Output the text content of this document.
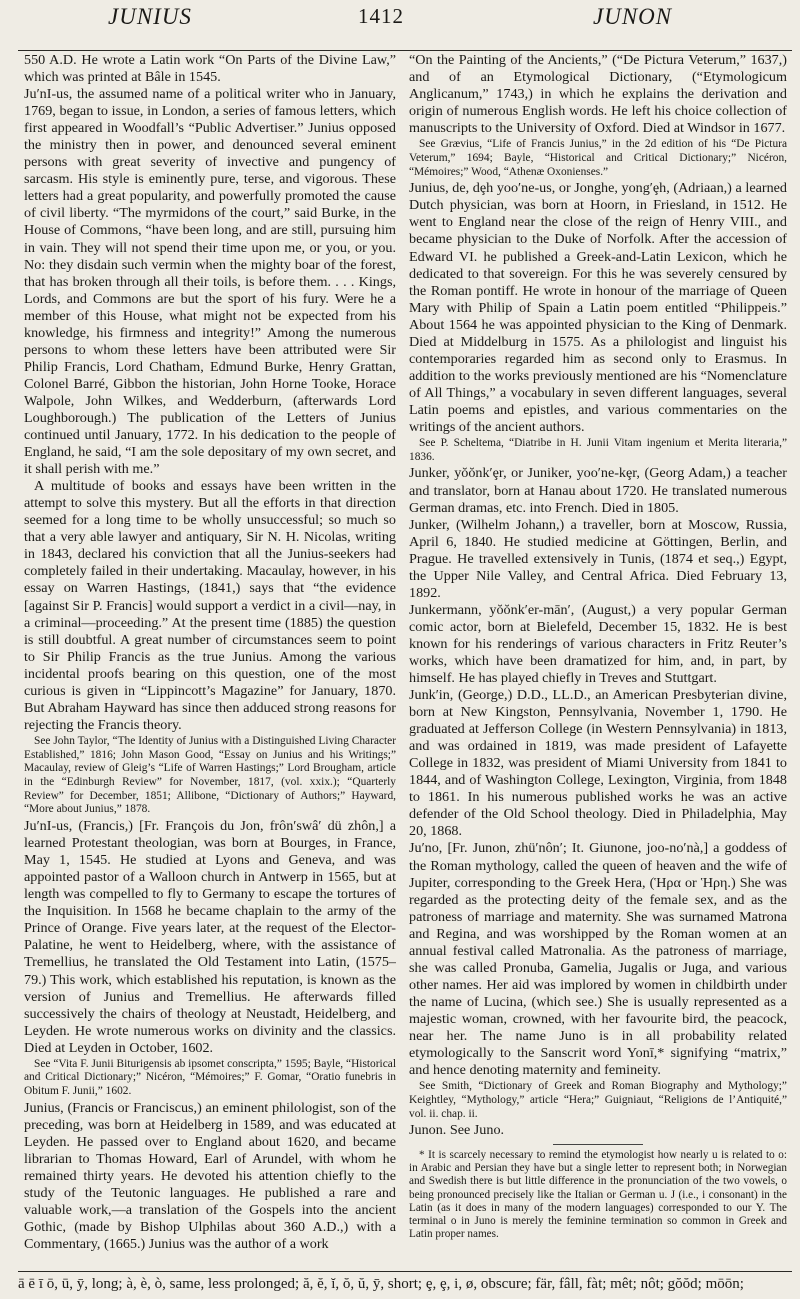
JUNIUS	1412	JUNON

550 A.D. He wrote a Latin work “On Parts of the Divine Law,” which was printed at Bâle in 1545.

Ju′nI-us, the assumed name of a political writer who in January, 1769, began to issue, in London, a series of famous letters, which first appeared in Woodfall’s “Public Advertiser.” Junius opposed the ministry then in power, and denounced several eminent persons with great severity of invective and pungency of sarcasm. His style is eminently pure, terse, and vigorous. These letters had a great popularity, and powerfully promoted the cause of civil liberty. “The myrmidons of the court,” said Burke, in the House of Commons, “have been long, and are still, pursuing him in vain. They will not spend their time upon me, or you, or you. No: they disdain such vermin when the mighty boar of the forest, that has broken through all their toils, is before them. . . . Kings, Lords, and Commons are but the sport of his fury. Were he a member of this House, what might not be expected from his knowledge, his firmness and integrity!” Among the numerous persons to whom these letters have been attributed were Sir Philip Francis, Lord Chatham, Edmund Burke, Henry Grattan, Colonel Barré, Gibbon the historian, John Horne Tooke, Horace Walpole, John Wilkes, and Wedderburn, (afterwards Lord Loughborough.) The publication of the Letters of Junius continued until January, 1772. In his dedication to the people of England, he said, “I am the sole depositary of my own secret, and it shall perish with me.”

A multitude of books and essays have been written in the attempt to solve this mystery. But all the efforts in that direction seemed for a long time to be wholly unsuccessful; so much so that a very able lawyer and antiquary, Sir N. H. Nicolas, writing in 1843, declared his conviction that all the Junius-seekers had completely failed in their undertaking. Macaulay, however, in his essay on Warren Hastings, (1841,) says that “the evidence [against Sir P. Francis] would support a verdict in a civil—nay, in a criminal—proceeding.” At the present time (1885) the question is still doubtful. A great number of circumstances seem to point to Sir Philip Francis as the true Junius. Among the various incidental proofs bearing on this question, one of the most curious is given in “Lippincott’s Magazine” for January, 1870. But Abraham Hayward has since then adduced strong reasons for rejecting the Francis theory.

See John Taylor, “The Identity of Junius with a Distinguished Living Character Established,” 1816; John Mason Good, “Essay on Junius and his Writings;” Macaulay, review of Gleig’s “Life of Warren Hastings;” Lord Brougham, article in the “Edinburgh Review” for November, 1817, (vol. xxix.); “Quarterly Review” for December, 1851; Allibone, “Dictionary of Authors;” Hayward, “More about Junius,” 1878.

Ju′nI-us, (Francis,) [Fr. François du Jon, frôn′swâ′ dü zhôn,] a learned Protestant theologian, was born at Bourges, in France, May 1, 1545. He studied at Lyons and Geneva, and was appointed pastor of a Walloon church in Antwerp in 1565, but at length was compelled to fly to Germany to escape the tortures of the Inquisition. In 1568 he became chaplain to the army of the Prince of Orange. Five years later, at the request of the Elector-Palatine, he went to Heidelberg, where, with the assistance of Tremellius, he translated the Old Testament into Latin, (1575–79.) This work, which established his reputation, is known as the version of Junius and Tremellius. He afterwards filled successively the chairs of theology at Neustadt, Heidelberg, and Leyden. He wrote numerous works on divinity and the classics. Died at Leyden in October, 1602.

See “Vita F. Junii Biturigensis ab ipsomet conscripta,” 1595; Bayle, “Historical and Critical Dictionary;” Nicéron, “Mémoires;” F. Gomar, “Oratio funebris in Obitum F. Junii,” 1602.

Junius, (Francis or Franciscus,) an eminent philologist, son of the preceding, was born at Heidelberg in 1589, and was educated at Leyden. He passed over to England about 1620, and became librarian to Thomas Howard, Earl of Arundel, with whom he remained thirty years. He devoted his attention chiefly to the study of the Teutonic languages. He published a rare and valuable work,—a translation of the Gospels into the ancient Gothic, (made by Bishop Ulphilas about 360 A.D.,) with a Commentary, (1665.) Junius was the author of a work

“On the Painting of the Ancients,” (“De Pictura Veterum,” 1637,) and of an Etymological Dictionary, (“Etymologicum Anglicanum,” 1743,) in which he explains the derivation and origin of numerous English words. He left his choice collection of manuscripts to the University of Oxford. Died at Windsor in 1677.

See Grævius, “Life of Francis Junius,” in the 2d edition of his “De Pictura Veterum,” 1694; Bayle, “Historical and Critical Dictionary;” Nicéron, “Mémoires;” Wood, “Athenæ Oxonienses.”

Junius, de, dȩh yoo′ne-us, or Jonghe, yong′ȩh, (Adriaan,) a learned Dutch physician, was born at Hoorn, in Friesland, in 1512. He went to England near the close of the reign of Henry VIII., and became physician to the Duke of Norfolk. After the accession of Edward VI. he published a Greek-and-Latin Lexicon, which he dedicated to that sovereign. For this he was severely censured by the Roman pontiff. He wrote in honour of the marriage of Queen Mary with Philip of Spain a Latin poem entitled “Philippeis.” About 1564 he was appointed physician to the King of Denmark. Died at Middelburg in 1575. As a philologist and linguist his contemporaries regarded him as second only to Erasmus. In addition to the works previously mentioned are his “Nomenclature of All Things,” a vocabulary in seven different languages, several Latin poems and epistles, and various commentaries on the writings of the ancient authors.

See P. Scheltema, “Diatribe in H. Junii Vitam ingenium et Merita literaria,” 1836.

Junker, yŏŏnk′ȩr, or Juniker, yoo′ne-kȩr, (Georg Adam,) a teacher and translator, born at Hanau about 1720. He translated numerous German dramas, etc. into French. Died in 1805.

Junker, (Wilhelm Johann,) a traveller, born at Moscow, Russia, April 6, 1840. He studied medicine at Göttingen, Berlin, and Prague. He travelled extensively in Tunis, (1874 et seq.,) Egypt, the Upper Nile Valley, and Central Africa. Died February 13, 1892.

Junkermann, yŏŏnk′er-mān′, (August,) a very popular German comic actor, born at Bielefeld, December 15, 1832. He is best known for his renderings of various characters in Fritz Reuter’s works, which have been dramatized for him, and, in part, by himself. He has played chiefly in Treves and Stuttgart.

Junk′in, (George,) D.D., LL.D., an American Presbyterian divine, born at New Kingston, Pennsylvania, November 1, 1790. He graduated at Jefferson College (in Western Pennsylvania) in 1813, and was ordained in 1819, was made president of Lafayette College in 1832, was president of Miami University from 1841 to 1844, and of Washington College, Lexington, Virginia, from 1848 to 1861. In his numerous published works he was an active defender of the Old School theology. Died in Philadelphia, May 20, 1868.

Ju′no, [Fr. Junon, zhü′nôn′; It. Giunone, joo-no′nà,] a goddess of the Roman mythology, called the queen of heaven and the wife of Jupiter, corresponding to the Greek Hera, (Ἡρα or Ἡρη.) She was regarded as the protecting deity of the female sex, and as the patroness of marriage and maternity. She was surnamed Matrona and Regina, and was worshipped by the Roman women at an annual festival called Matronalia. As the patroness of marriage, she was called Pronuba, Gamelia, Jugalis or Juga, and various other names. Her aid was implored by women in childbirth under the name of Lucina, (which see.) She is usually represented as a majestic woman, crowned, with her favourite bird, the peacock, near her. The name Juno is in all probability related etymologically to the Sanscrit word Yonī,* signifying “matrix,” and hence denoting maternity and femineity.

See Smith, “Dictionary of Greek and Roman Biography and Mythology;” Keightley, “Mythology,” article “Hera;” Guigniaut, “Religions de l’Antiquité,” vol. ii. chap. ii.

Junon. See Juno.

* It is scarcely necessary to remind the etymologist how nearly u is related to o: in Arabic and Persian they have but a single letter to represent both; in Norwegian and Swedish there is but little difference in the pronunciation of the two vowels, o being pronounced precisely like the Italian or German u. J (i.e., i consonant) in the Latin (as it does in many of the modern languages) corresponded to our Y. The terminal o in Juno is merely the feminine termination so common in Greek and Latin proper names.

ā ē ī ō, ū, ȳ, long; à, è, ò, same, less prolonged; ă, ĕ, ĭ, ŏ, ŭ, ȳ, short; ȩ, ȩ, i, ø, obscure; fär, fâll, fàt; mêt; nôt; gŏŏd; mōōn;
